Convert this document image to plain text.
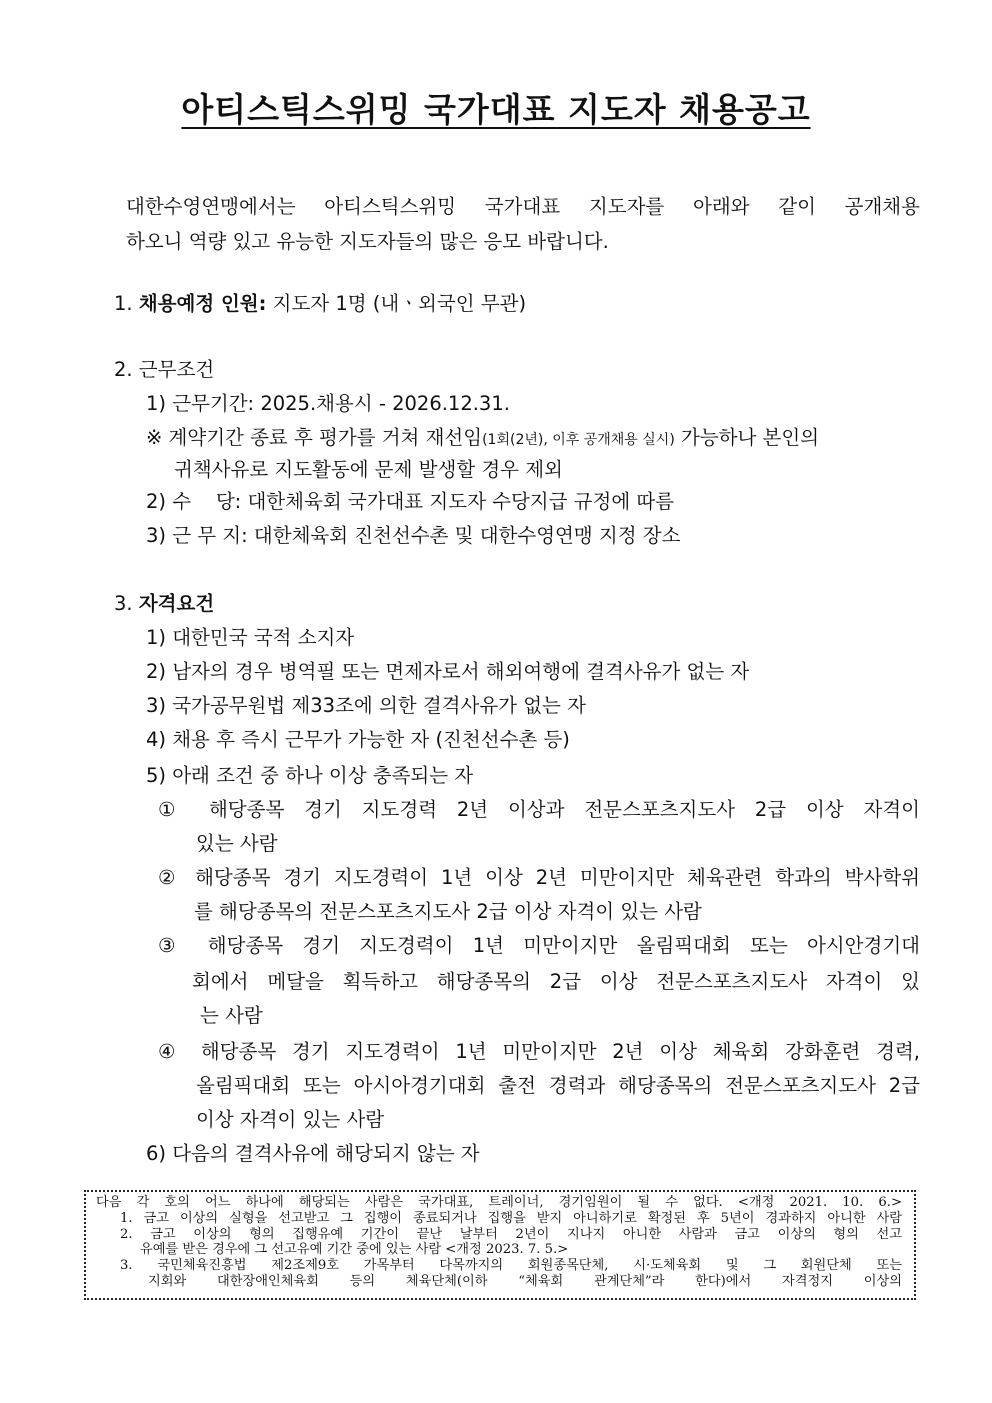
아티스틱스위밍 국가대표 지도자 채용공고
대한수영연맹에서는 아티스틱스위밍 국가대표 지도자를 아래와 같이 공개채용
하오니 역량 있고 유능한 지도자들의 많은 응모 바랍니다.
1. 채용예정 인원: 지도자 1명 (내ㆍ외국인 무관)
2. 근무조건
1) 근무기간: 2025.채용시 - 2026.12.31.
※ 계약기간 종료 후 평가를 거쳐 재선임(1회(2년), 이후 공개채용 실시) 가능하나 본인의
귀책사유로 지도활동에 문제 발생할 경우 제외
2) 수    당: 대한체육회 국가대표 지도자 수당지급 규정에 따름
3) 근 무 지: 대한체육회 진천선수촌 및 대한수영연맹 지정 장소
3. 자격요건
1) 대한민국 국적 소지자
2) 남자의 경우 병역필 또는 면제자로서 해외여행에 결격사유가 없는 자
3) 국가공무원법 제33조에 의한 결격사유가 없는 자
4) 채용 후 즉시 근무가 가능한 자 (진천선수촌 등)
5) 아래 조건 중 하나 이상 충족되는 자
① 해당종목 경기 지도경력 2년 이상과 전문스포츠지도사 2급 이상 자격이
있는 사람
② 해당종목 경기 지도경력이 1년 이상 2년 미만이지만 체육관련 학과의 박사학위
를 해당종목의 전문스포츠지도사 2급 이상 자격이 있는 사람
③ 해당종목 경기 지도경력이 1년 미만이지만 올림픽대회 또는 아시안경기대
회에서 메달을 획득하고 해당종목의 2급 이상 전문스포츠지도사 자격이 있
는 사람
④ 해당종목 경기 지도경력이 1년 미만이지만 2년 이상 체육회 강화훈련 경력,
올림픽대회 또는 아시아경기대회 출전 경력과 해당종목의 전문스포츠지도사 2급
이상 자격이 있는 사람
6) 다음의 결격사유에 해당되지 않는 자
다음 각 호의 어느 하나에 해당되는 사람은 국가대표, 트레이너, 경기임원이 될 수 없다. <개정 2021. 10. 6.>
1. 금고 이상의 실형을 선고받고 그 집행이 종료되거나 집행을 받지 아니하기로 확정된 후 5년이 경과하지 아니한 사람
2. 금고 이상의 형의 집행유예 기간이 끝난 날부터 2년이 지나지 아니한 사람과 금고 이상의 형의 선고
유예를 받은 경우에 그 선고유예 기간 중에 있는 사람 <개정 2023. 7. 5.>
3. 국민체육진흥법 제2조제9호 가목부터 다목까지의 회원종목단체, 시·도체육회 및 그 회원단체 또는
지회와 대한장애인체육회 등의 체육단체(이하 “체육회 관계단체”라 한다)에서 자격정지 이상의
